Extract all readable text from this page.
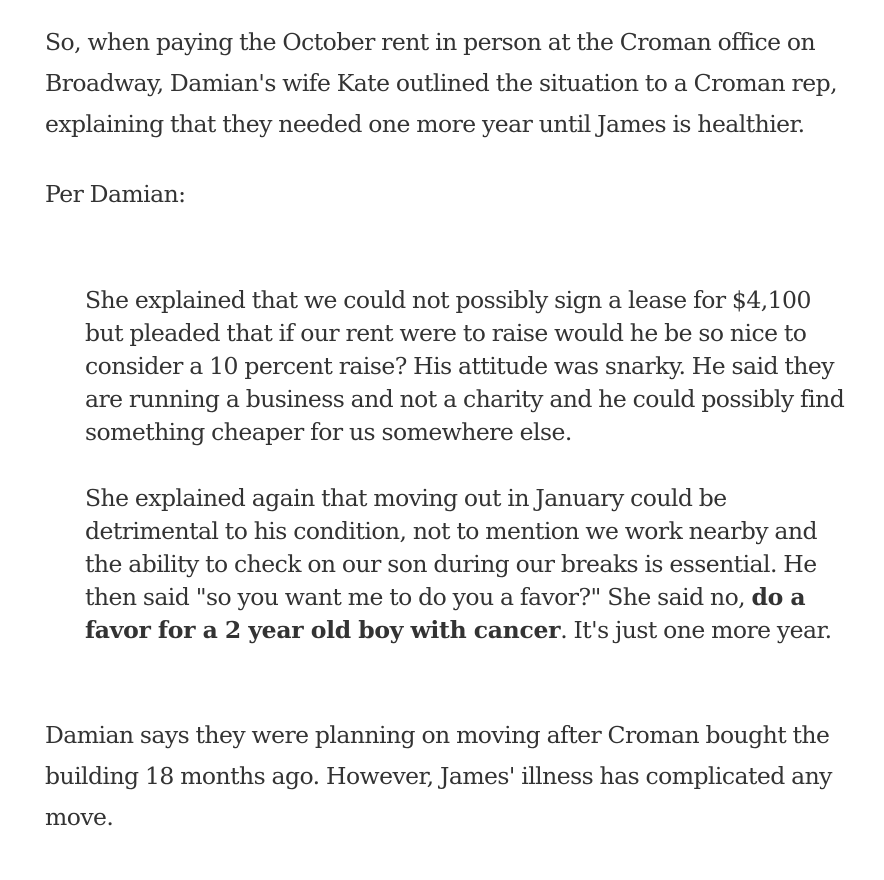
So, when paying the October rent in person at the Croman office on Broadway, Damian's wife Kate outlined the situation to a Croman rep, explaining that they needed one more year until James is healthier.

Per Damian:

She explained that we could not possibly sign a lease for $4,100 but pleaded that if our rent were to raise would he be so nice to consider a 10 percent raise? His attitude was snarky. He said they are running a business and not a charity and he could possibly find something cheaper for us somewhere else.

She explained again that moving out in January could be detrimental to his condition, not to mention we work nearby and the ability to check on our son during our breaks is essential. He then said "so you want me to do you a favor?" She said no, do a favor for a 2 year old boy with cancer. It's just one more year.

Damian says they were planning on moving after Croman bought the building 18 months ago. However, James' illness has complicated any move.
